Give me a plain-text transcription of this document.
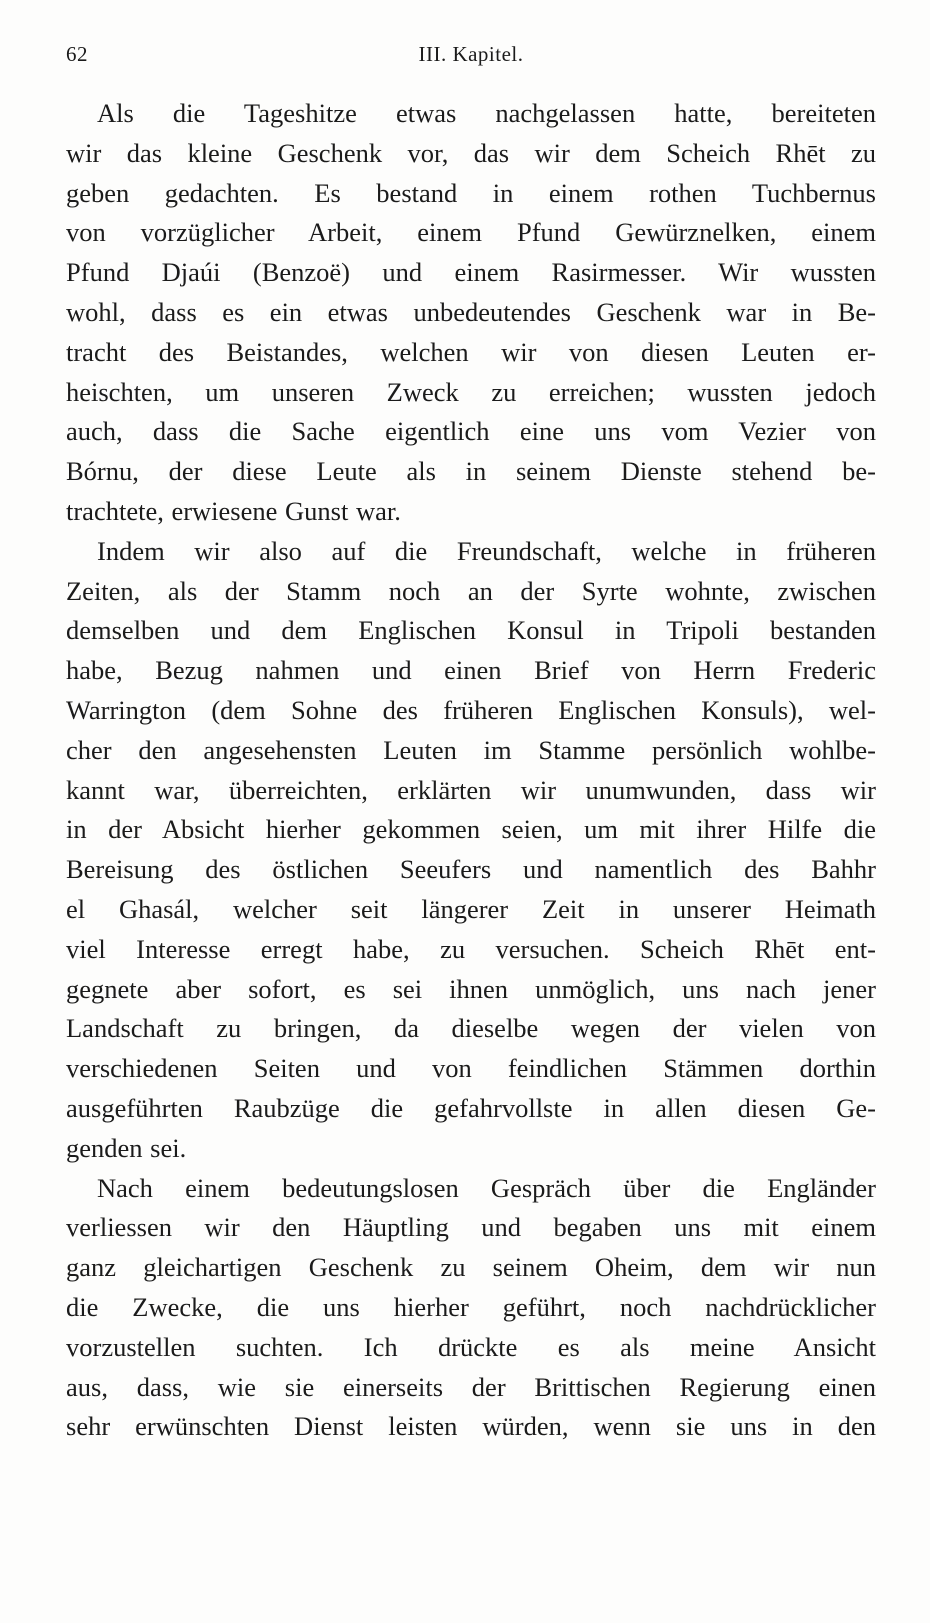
62	III. Kapitel.
Als die Tageshitze etwas nachgelassen hatte, bereiteten
wir das kleine Geschenk vor, das wir dem Scheich Rhēt zu
geben gedachten. Es bestand in einem rothen Tuchbernus
von vorzüglicher Arbeit, einem Pfund Gewürznelken, einem
Pfund Djaúi (Benzoë) und einem Rasirmesser. Wir wussten
wohl, dass es ein etwas unbedeutendes Geschenk war in Be-
tracht des Beistandes, welchen wir von diesen Leuten er-
heischten, um unseren Zweck zu erreichen; wussten jedoch
auch, dass die Sache eigentlich eine uns vom Vezier von
Bórnu, der diese Leute als in seinem Dienste stehend be-
trachtete, erwiesene Gunst war.
Indem wir also auf die Freundschaft, welche in früheren
Zeiten, als der Stamm noch an der Syrte wohnte, zwischen
demselben und dem Englischen Konsul in Tripoli bestanden
habe, Bezug nahmen und einen Brief von Herrn Frederic
Warrington (dem Sohne des früheren Englischen Konsuls), wel-
cher den angesehensten Leuten im Stamme persönlich wohlbe-
kannt war, überreichten, erklärten wir unumwunden, dass wir
in der Absicht hierher gekommen seien, um mit ihrer Hilfe die
Bereisung des östlichen Seeufers und namentlich des Bahhr
el Ghasál, welcher seit längerer Zeit in unserer Heimath
viel Interesse erregt habe, zu versuchen. Scheich Rhēt ent-
gegnete aber sofort, es sei ihnen unmöglich, uns nach jener
Landschaft zu bringen, da dieselbe wegen der vielen von
verschiedenen Seiten und von feindlichen Stämmen dorthin
ausgeführten Raubzüge die gefahrvollste in allen diesen Ge-
genden sei.
Nach einem bedeutungslosen Gespräch über die Engländer
verliessen wir den Häuptling und begaben uns mit einem
ganz gleichartigen Geschenk zu seinem Oheim, dem wir nun
die Zwecke, die uns hierher geführt, noch nachdrücklicher
vorzustellen suchten. Ich drückte es als meine Ansicht
aus, dass, wie sie einerseits der Brittischen Regierung einen
sehr erwünschten Dienst leisten würden, wenn sie uns in den
